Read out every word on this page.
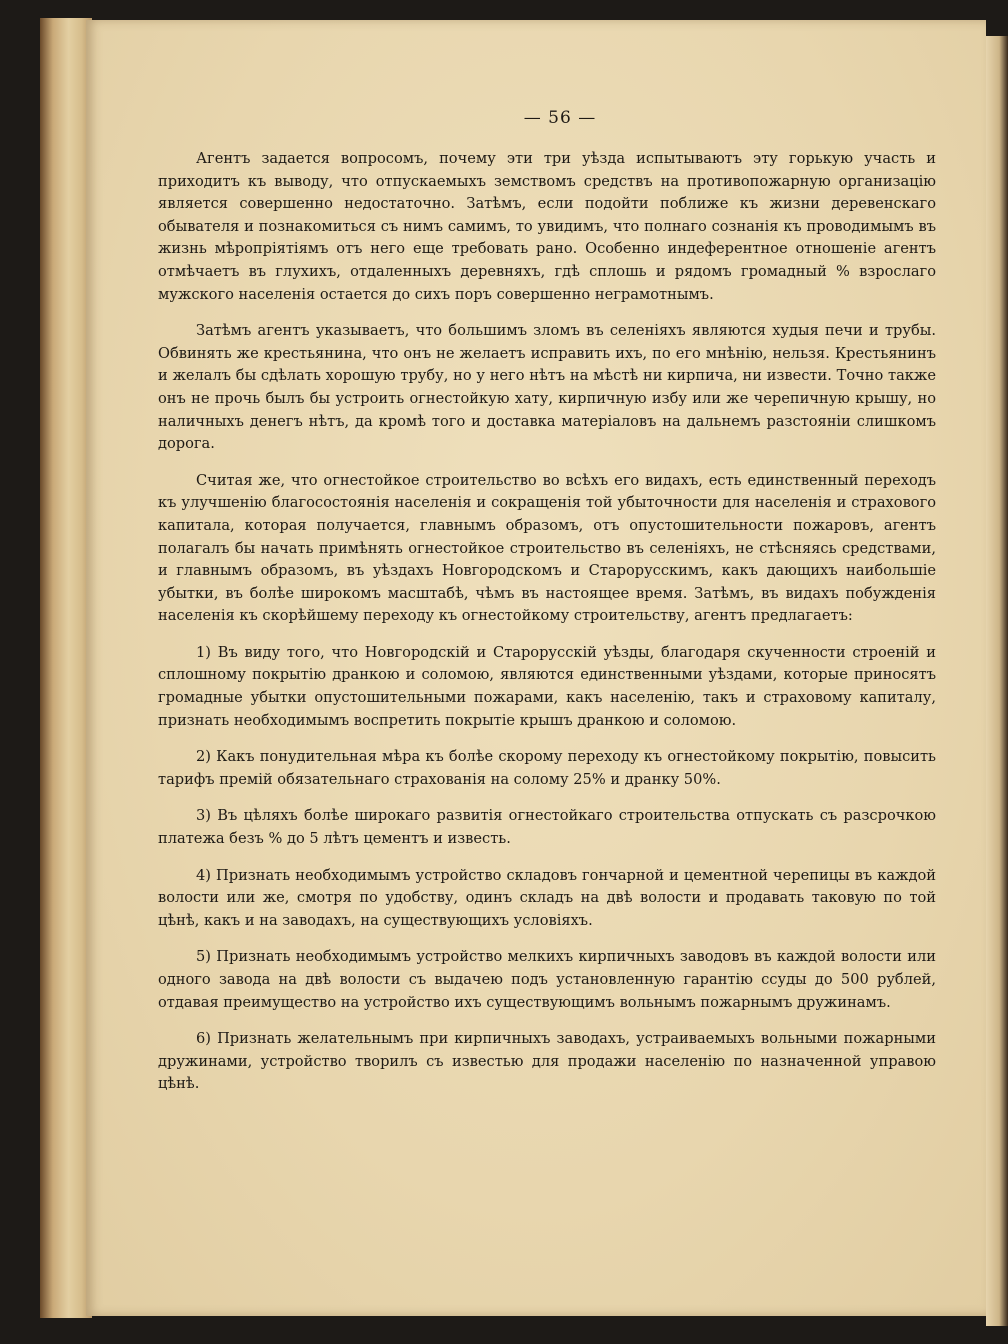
— 56 —

Агентъ задается вопросомъ, почему эти три уѣзда испытываютъ эту горькую участь и приходитъ къ выводу, что отпускаемыхъ земствомъ средствъ на противопожарную организацію является совершенно недостаточно. Затѣмъ, если подойти поближе къ жизни деревенскаго обывателя и познакомиться съ нимъ самимъ, то увидимъ, что полнаго сознанія къ проводимымъ въ жизнь мѣропріятіямъ отъ него еще требовать рано. Особенно индеферентное отношеніе агентъ отмѣчаетъ въ глухихъ, отдаленныхъ деревняхъ, гдѣ сплошь и рядомъ громадный % взрослаго мужского населенія остается до сихъ поръ совершенно неграмотнымъ.

Затѣмъ агентъ указываетъ, что большимъ зломъ въ селеніяхъ являются худыя печи и трубы. Обвинять же крестьянина, что онъ не желаетъ исправить ихъ, по его мнѣнію, нельзя. Крестьянинъ и желалъ бы сдѣлать хорошую трубу, но у него нѣтъ на мѣстѣ ни кирпича, ни извести. Точно также онъ не прочь былъ бы устроить огнестойкую хату, кирпичную избу или же черепичную крышу, но наличныхъ денегъ нѣтъ, да кромѣ того и доставка матеріаловъ на дальнемъ разстояніи слишкомъ дорога.

Считая же, что огнестойкое строительство во всѣхъ его видахъ, есть единственный переходъ къ улучшенію благосостоянія населенія и сокращенія той убыточности для населенія и страхового капитала, которая получается, главнымъ образомъ, отъ опустошительности пожаровъ, агентъ полагалъ бы начать примѣнять огнестойкое строительство въ селеніяхъ, не стѣсняясь средствами, и главнымъ образомъ, въ уѣздахъ Новгородскомъ и Старорусскимъ, какъ дающихъ наибольшіе убытки, въ болѣе широкомъ масштабѣ, чѣмъ въ настоящее время. Затѣмъ, въ видахъ побужденія населенія къ скорѣйшему переходу къ огнестойкому строительству, агентъ предлагаетъ:

1) Въ виду того, что Новгородскій и Старорусскій уѣзды, благодаря скученности строеній и сплошному покрытію дранкою и соломою, являются единственными уѣздами, которые приносятъ громадные убытки опустошительными пожарами, какъ населенію, такъ и страховому капиталу, признать необходимымъ воспретить покрытіе крышъ дранкою и соломою.

2) Какъ понудительная мѣра къ болѣе скорому переходу къ огнестойкому покрытію, повысить тарифъ премій обязательнаго страхованія на солому 25% и дранку 50%.

3) Въ цѣляхъ болѣе широкаго развитія огнестойкаго строительства отпускать съ разсрочкою платежа безъ % до 5 лѣтъ цементъ и известь.

4) Признать необходимымъ устройство складовъ гончарной и цементной черепицы въ каждой волости или же, смотря по удобству, одинъ складъ на двѣ волости и продавать таковую по той цѣнѣ, какъ и на заводахъ, на существующихъ условіяхъ.

5) Признать необходимымъ устройство мелкихъ кирпичныхъ заводовъ въ каждой волости или одного завода на двѣ волости съ выдачею подъ установленную гарантію ссуды до 500 рублей, отдавая преимущество на устройство ихъ существующимъ вольнымъ пожарнымъ дружинамъ.

6) Признать желательнымъ при кирпичныхъ заводахъ, устраиваемыхъ вольными пожарными дружинами, устройство творилъ съ известью для продажи населенію по назначенной управою цѣнѣ.
